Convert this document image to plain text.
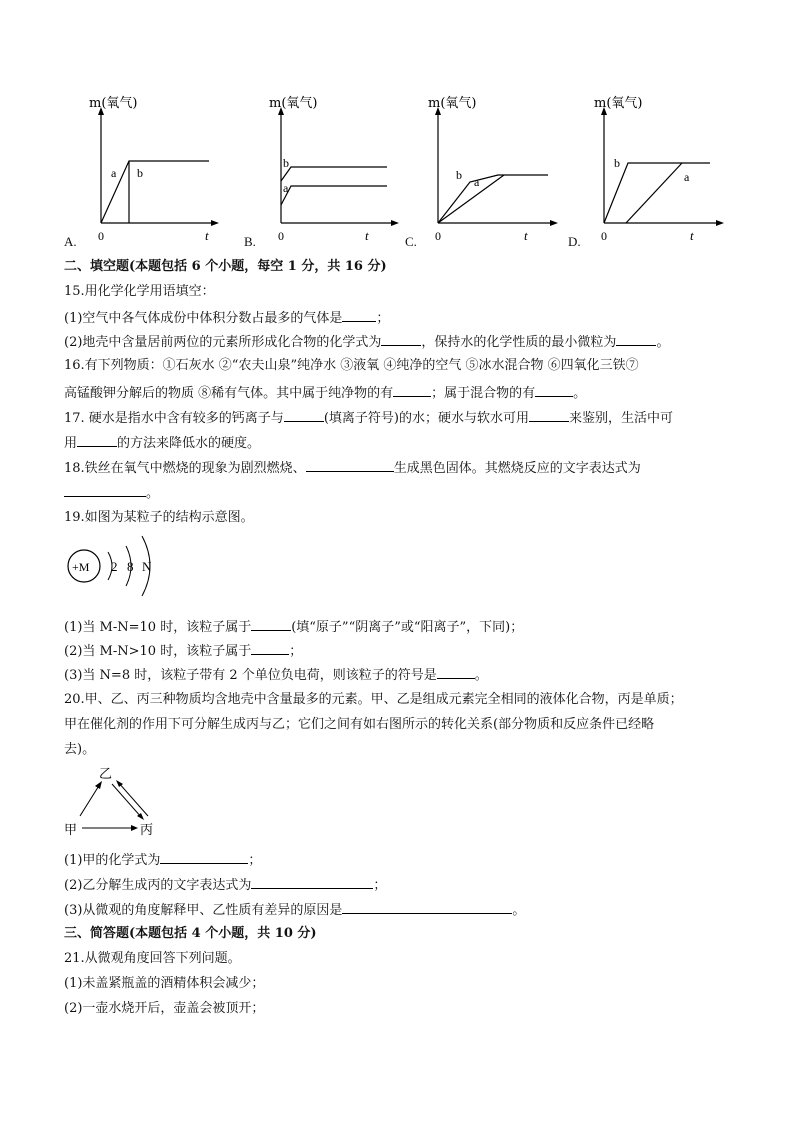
m(氧气)
a b
0	t
A.
m(氧气)
b
a
0	t
B.
m(氧气)
b a
0	t
C.
m(氧气)
b
a
0	t
D.
二、填空题(本题包括 6 个小题，每空 1 分，共 16 分)
15.用化学化学用语填空：
(1)空气中各气体成份中体积分数占最多的气体是	；
(2)地壳中含量居前两位的元素所形成化合物的化学式为	，保持水的化学性质的最小微粒为	。
16.有下列物质：①石灰水 ②“农夫山泉”纯净水 ③液氧 ④纯净的空气 ⑤冰水混合物 ⑥四氧化三铁⑦
高锰酸钾分解后的物质 ⑧稀有气体。其中属于纯净物的有	；属于混合物的有	。
17. 硬水是指水中含有较多的钙离子与	(填离子符号)的水；硬水与软水可用	来鉴别，生活中可
用	的方法来降低水的硬度。
18.铁丝在氧气中燃烧的现象为剧烈燃烧、	生成黑色固体。其燃烧反应的文字表达式为
。
19.如图为某粒子的结构示意图。
+M 2 8 N
(1)当 M-N=10 时，该粒子属于	(填“原子”“阴离子”或“阳离子”，下同)；
(2)当 M-N>10 时，该粒子属于	；
(3)当 N=8 时，该粒子带有 2 个单位负电荷，则该粒子的符号是	。
20.甲、乙、丙三种物质均含地壳中含量最多的元素。甲、乙是组成元素完全相同的液体化合物，丙是单质；
甲在催化剂的作用下可分解生成丙与乙；它们之间有如右图所示的转化关系(部分物质和反应条件已经略
去)。
乙
甲	丙
(1)甲的化学式为	；
(2)乙分解生成丙的文字表达式为	；
(3)从微观的角度解释甲、乙性质有差异的原因是	。
三、简答题(本题包括 4 个小题，共 10 分)
21.从微观角度回答下列问题。
(1)未盖紧瓶盖的酒精体积会减少；
(2)一壶水烧开后，壶盖会被顶开；
